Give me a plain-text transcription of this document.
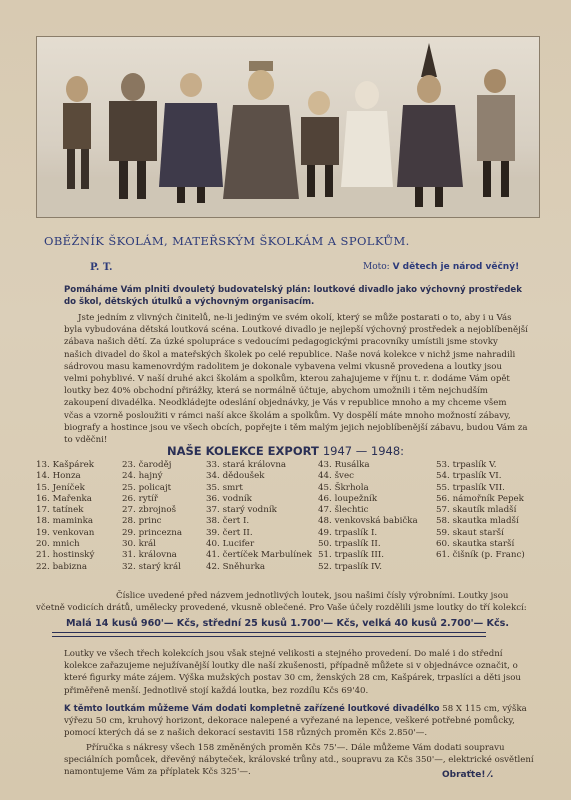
OBĚŽNÍK ŠKOLÁM, MATEŘSKÝM ŠKOLKÁM A SPOLKŮM.
P. T.	Moto: V dětech je národ věčný!
Pomáháme Vám plniti dvouletý budovatelský plán: loutkové divadlo jako výchovný prostředek do škol, dětských útulků a výchovným organisacím.
Jste jedním z vlivných činitelů, ne-li jediným ve svém okolí, který se může postarati o to, aby i u Vás byla vybudována dětská loutková scéna. Loutkové divadlo je nejlepší výchovný prostředek a nejoblíbenější zábava našich dětí. Za úzké spolupráce s vedoucími pedagogickými pracovníky umístili jsme stovky našich divadel do škol a mateřských školek po celé republice. Naše nová kolekce v nichž jsme nahradili sádrovou masu kamenovrdým radolitem je dokonale vybavena velmi vkusně provedena a loutky jsou velmi pohyblivé. V naší druhé akci školám a spolkům, kterou zahajujeme v říjnu t. r. dodáme Vám opět loutky bez 40% obchodní přirážky, která se normálně účtuje, abychom umožnili i těm nejchudším zakoupení divadélka. Neodkládejte odeslání objednávky, je Vás v republice mnoho a my chceme všem včas a vzorně posloužiti v rámci naší akce školám a spolkům. Vy dospělí máte mnoho možností zábavy, biografy a hostince jsou ve všech obcích, popřejte i těm malým jejich nejoblíbenější zábavu, budou Vám za to vděčni!
NAŠE KOLEKCE EXPORT 1947 — 1948:
13. Kašpárek
14. Honza
15. Jeníček
16. Mařenka
17. tatínek
18. maminka
19. venkovan
20. mnich
21. hostinský
22. babizna
23. čaroděj
24. hajný
25. policajt
26. rytíř
27. zbrojnoš
28. princ
29. princezna
30. král
31. královna
32. starý král
33. stará královna
34. dědoušek
35. smrt
36. vodník
37. starý vodník
38. čert I.
39. čert II.
40. Lucifer
41. čertíček Marbulínek
42. Sněhurka
43. Rusálka
44. švec
45. Škrhola
46. loupežník
47. šlechtic
48. venkovská babička
49. trpaslík I.
50. trpaslík II.
51. trpaslík III.
52. trpaslík IV.
53. trpaslík V.
54. trpaslík VI.
55. trpaslík VII.
56. námořník Pepek
57. skautík mladší
58. skautka mladší
59. skaut starší
60. skautka starší
61. čišník (p. Franc)
Číslice uvedené před názvem jednotlivých loutek, jsou našimi čísly výrobními. Loutky jsou včetně vodicích drátů, umělecky provedené, vkusně oblečené. Pro Vaše účely rozdělili jsme loutky do tří kolekcí:
Malá 14 kusů 960'— Kčs, střední 25 kusů 1.700'— Kčs, velká 40 kusů 2.700'— Kčs.
Loutky ve všech třech kolekcích jsou však stejné velikosti a stejného provedení. Do malé i do střední kolekce zařazujeme nejužívanější loutky dle naší zkušenosti, případně můžete si v objednávce označit, o které figurky máte zájem. Výška mužských postav 30 cm, ženských 28 cm, Kašpárek, trpaslíci a děti jsou přiměřeně menší. Jednotlivě stojí každá loutka, bez rozdílu Kčs 69'40.
K těmto loutkám můžeme Vám dodati kompletně zařízené loutkové divadélko 58 X 115 cm, výška výřezu 50 cm, kruhový horizont, dekorace nalepené a vyřezané na lepence, veškeré potřebné pomůcky, pomocí kterých dá se z našich dekorací sestaviti 158 různých proměn Kčs 2.850'—.
Příručka s nákresy všech 158 změněných proměn Kčs 75'—. Dále můžeme Vám dodati soupravu speciálních pomůcek, dřevěný nábyteček, královské trůny atd., soupravu za Kčs 350'—, elektrické osvětlení namontujeme Vám za příplatek Kčs 325'—.	Obraťte! ⁄.
